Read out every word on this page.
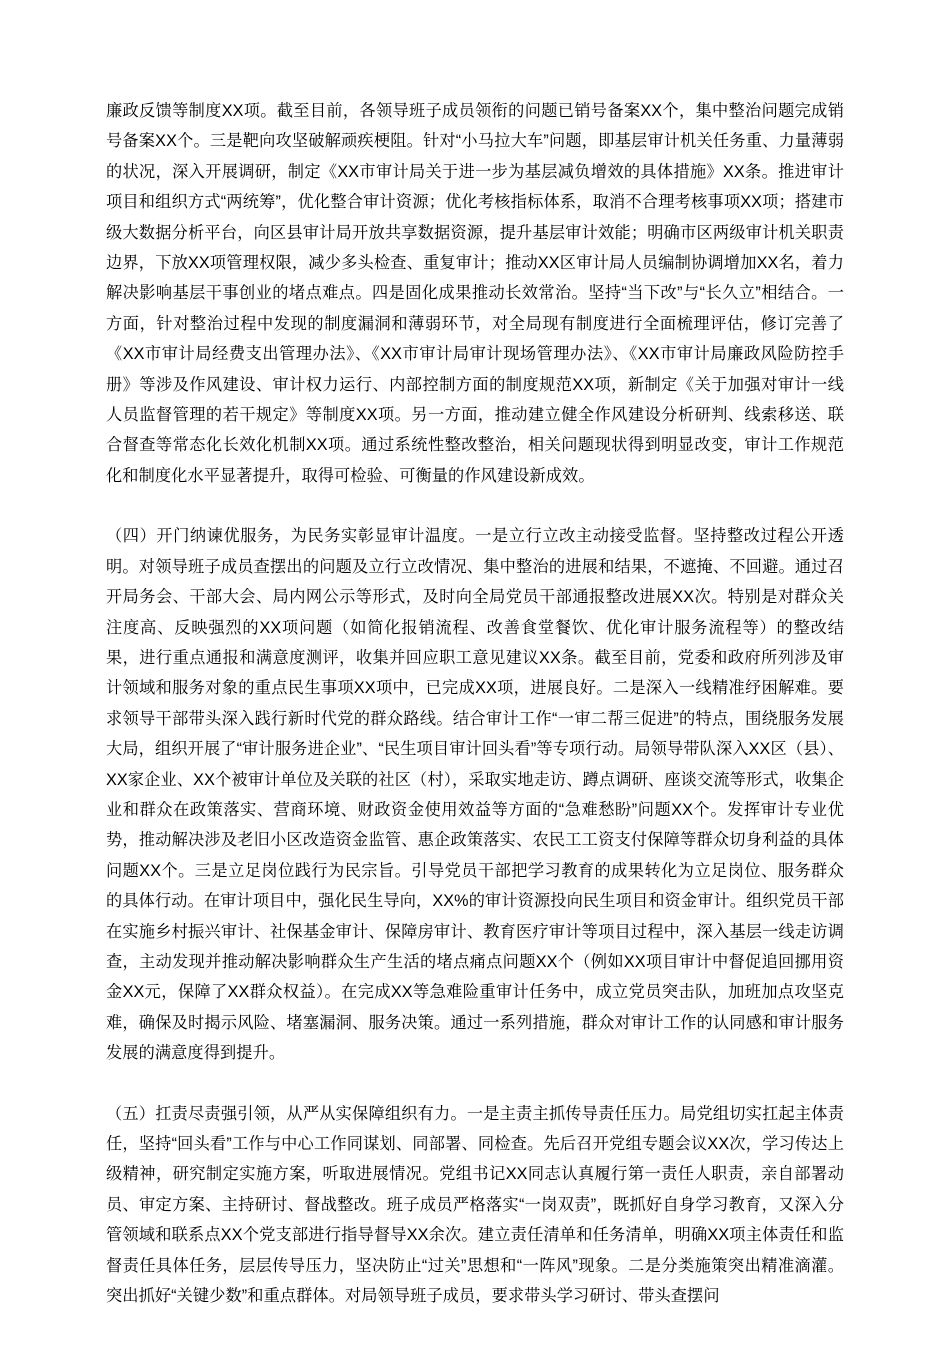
廉政反馈等制度XX项。截至目前，各领导班子成员领衔的问题已销号备案XX个，集中整治问题完成销号备案XX个。三是靶向攻坚破解顽疾梗阻。针对“小马拉大车”问题，即基层审计机关任务重、力量薄弱的状况，深入开展调研，制定《XX市审计局关于进一步为基层减负增效的具体措施》XX条。推进审计项目和组织方式“两统筹”，优化整合审计资源；优化考核指标体系，取消不合理考核事项XX项；搭建市级大数据分析平台，向区县审计局开放共享数据资源，提升基层审计效能；明确市区两级审计机关职责边界，下放XX项管理权限，减少多头检查、重复审计；推动XX区审计局人员编制协调增加XX名，着力解决影响基层干事创业的堵点难点。四是固化成果推动长效常治。坚持“当下改”与“长久立”相结合。一方面，针对整治过程中发现的制度漏洞和薄弱环节，对全局现有制度进行全面梳理评估，修订完善了《XX市审计局经费支出管理办法》、《XX市审计局审计现场管理办法》、《XX市审计局廉政风险防控手册》等涉及作风建设、审计权力运行、内部控制方面的制度规范XX项，新制定《关于加强对审计一线人员监督管理的若干规定》等制度XX项。另一方面，推动建立健全作风建设分析研判、线索移送、联合督查等常态化长效化机制XX项。通过系统性整改整治，相关问题现状得到明显改变，审计工作规范化和制度化水平显著提升，取得可检验、可衡量的作风建设新成效。

（四）开门纳谏优服务，为民务实彰显审计温度。一是立行立改主动接受监督。坚持整改过程公开透明。对领导班子成员查摆出的问题及立行立改情况、集中整治的进展和结果，不遮掩、不回避。通过召开局务会、干部大会、局内网公示等形式，及时向全局党员干部通报整改进展XX次。特别是对群众关注度高、反映强烈的XX项问题（如简化报销流程、改善食堂餐饮、优化审计服务流程等）的整改结果，进行重点通报和满意度测评，收集并回应职工意见建议XX条。截至目前，党委和政府所列涉及审计领域和服务对象的重点民生事项XX项中，已完成XX项，进展良好。二是深入一线精准纾困解难。要求领导干部带头深入践行新时代党的群众路线。结合审计工作“一审二帮三促进”的特点，围绕服务发展大局，组织开展了“审计服务进企业”、“民生项目审计回头看”等专项行动。局领导带队深入XX区（县）、XX家企业、XX个被审计单位及关联的社区（村），采取实地走访、蹲点调研、座谈交流等形式，收集企业和群众在政策落实、营商环境、财政资金使用效益等方面的“急难愁盼”问题XX个。发挥审计专业优势，推动解决涉及老旧小区改造资金监管、惠企政策落实、农民工工资支付保障等群众切身利益的具体问题XX个。三是立足岗位践行为民宗旨。引导党员干部把学习教育的成果转化为立足岗位、服务群众的具体行动。在审计项目中，强化民生导向，XX%的审计资源投向民生项目和资金审计。组织党员干部在实施乡村振兴审计、社保基金审计、保障房审计、教育医疗审计等项目过程中，深入基层一线走访调查，主动发现并推动解决影响群众生产生活的堵点痛点问题XX个（例如XX项目审计中督促追回挪用资金XX元，保障了XX群众权益）。在完成XX等急难险重审计任务中，成立党员突击队，加班加点攻坚克难，确保及时揭示风险、堵塞漏洞、服务决策。通过一系列措施，群众对审计工作的认同感和审计服务发展的满意度得到提升。

（五）扛责尽责强引领，从严从实保障组织有力。一是主责主抓传导责任压力。局党组切实扛起主体责任，坚持“回头看”工作与中心工作同谋划、同部署、同检查。先后召开党组专题会议XX次，学习传达上级精神，研究制定实施方案，听取进展情况。党组书记XX同志认真履行第一责任人职责，亲自部署动员、审定方案、主持研讨、督战整改。班子成员严格落实“一岗双责”，既抓好自身学习教育，又深入分管领域和联系点XX个党支部进行指导督导XX余次。建立责任清单和任务清单，明确XX项主体责任和监督责任具体任务，层层传导压力，坚决防止“过关”思想和“一阵风”现象。二是分类施策突出精准滴灌。突出抓好“关键少数”和重点群体。对局领导班子成员，要求带头学习研讨、带头查摆问
